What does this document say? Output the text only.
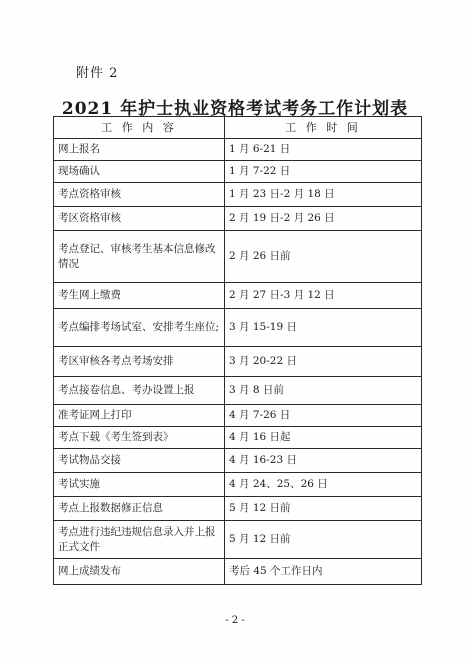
附件 2
2021 年护士执业资格考试考务工作计划表
工 作 内 容	工 作 时 间
网上报名	1 月 6-21 日
现场确认	1 月 7-22 日
考点资格审核	1 月 23 日-2 月 18 日
考区资格审核	2 月 19 日-2 月 26 日
考点登记、审核考生基本信息修改情况	2 月 26 日前
考生网上缴费	2 月 27 日-3 月 12 日
考点编排考场试室、安排考生座位;	3 月 15-19 日
考区审核各考点考场安排	3 月 20-22 日
考点接卷信息、考办设置上报	3 月 8 日前
准考证网上打印	4 月 7-26 日
考点下载《考生签到表》	4 月 16 日起
考试物品交接	4 月 16-23 日
考试实施	4 月 24、25、26 日
考点上报数据修正信息	5 月 12 日前
考点进行违纪违规信息录入并上报正式文件	5 月 12 日前
网上成绩发布	考后 45 个工作日内
- 2 -
